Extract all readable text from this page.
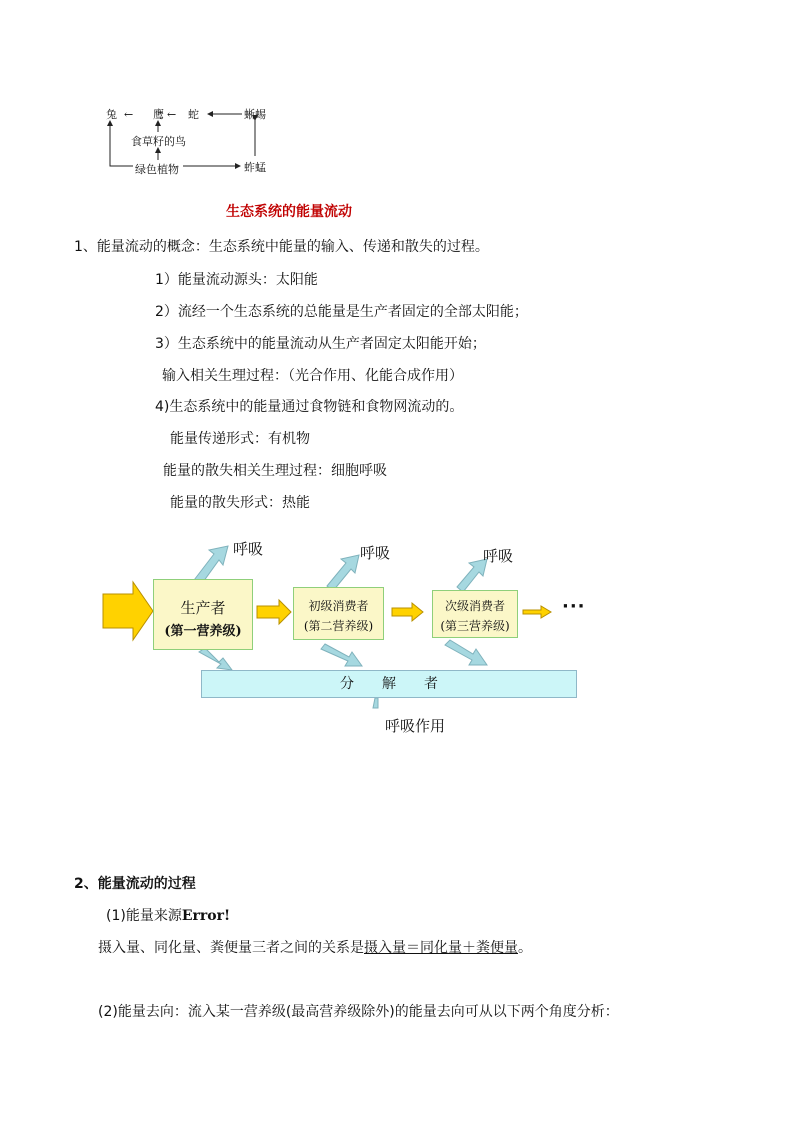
兔 ← 鹰 ← 蛇	蜥蜴
食草籽的鸟
绿色植物	蚱蜢
生态系统的能量流动
1、能量流动的概念：生态系统中能量的输入、传递和散失的过程。
1）能量流动源头：太阳能
2）流经一个生态系统的总能量是生产者固定的全部太阳能；
3）生态系统中的能量流动从生产者固定太阳能开始；
输入相关生理过程：（光合作用、化能合成作用）
4)生态系统中的能量通过食物链和食物网流动的。
能量传递形式：有机物
能量的散失相关生理过程：细胞呼吸
能量的散失形式：热能
生产者
(第一营养级)
初级消费者
(第二营养级)
次级消费者
(第三营养级)
呼吸	呼吸	呼吸
···
分　　解　　者
呼吸作用
2、能量流动的过程
(1)能量来源Error!
摄入量、同化量、粪便量三者之间的关系是摄入量＝同化量＋粪便量。
(2)能量去向：流入某一营养级(最高营养级除外)的能量去向可从以下两个角度分析：
